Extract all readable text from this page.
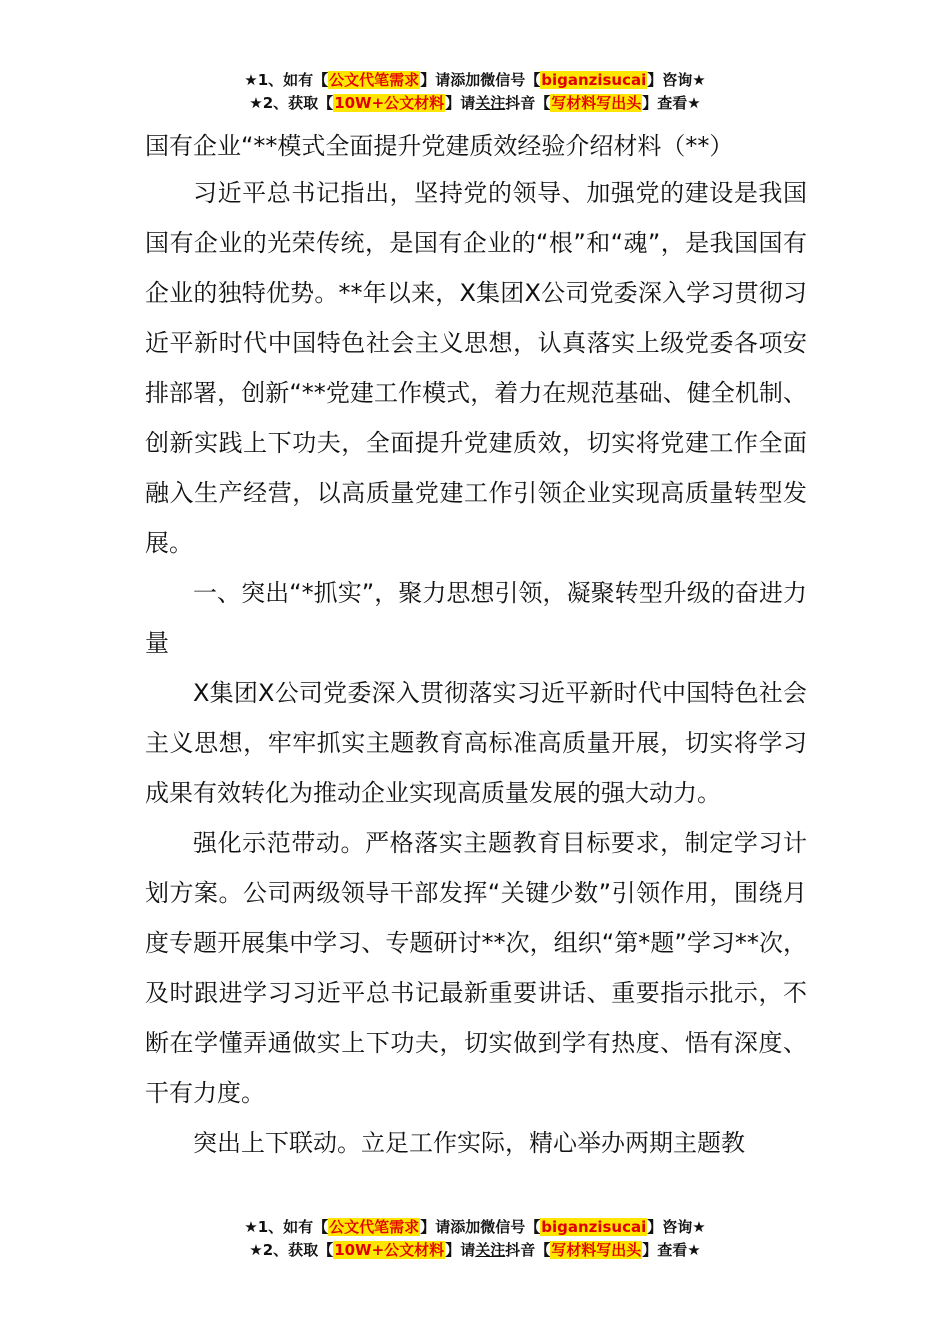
★1、如有【公文代笔需求】请添加微信号【biganzisucai】咨询★
★2、获取【10W+公文材料】请关注抖音【写材料写出头】查看★
国有企业“**模式全面提升党建质效经验介绍材料（**）

习近平总书记指出，坚持党的领导、加强党的建设是我国国有企业的光荣传统，是国有企业的“根”和“魂”，是我国国有企业的独特优势。**年以来，X集团X公司党委深入学习贯彻习近平新时代中国特色社会主义思想，认真落实上级党委各项安排部署，创新“**党建工作模式，着力在规范基础、健全机制、创新实践上下功夫，全面提升党建质效，切实将党建工作全面融入生产经营，以高质量党建工作引领企业实现高质量转型发展。

一、突出“*抓实”，聚力思想引领，凝聚转型升级的奋进力量

X集团X公司党委深入贯彻落实习近平新时代中国特色社会主义思想，牢牢抓实主题教育高标准高质量开展，切实将学习成果有效转化为推动企业实现高质量发展的强大动力。

强化示范带动。严格落实主题教育目标要求，制定学习计划方案。公司两级领导干部发挥“关键少数”引领作用，围绕月度专题开展集中学习、专题研讨**次，组织“第*题”学习**次，及时跟进学习习近平总书记最新重要讲话、重要指示批示，不断在学懂弄通做实上下功夫，切实做到学有热度、悟有深度、干有力度。

突出上下联动。立足工作实际，精心举办两期主题教

★1、如有【公文代笔需求】请添加微信号【biganzisucai】咨询★
★2、获取【10W+公文材料】请关注抖音【写材料写出头】查看★
